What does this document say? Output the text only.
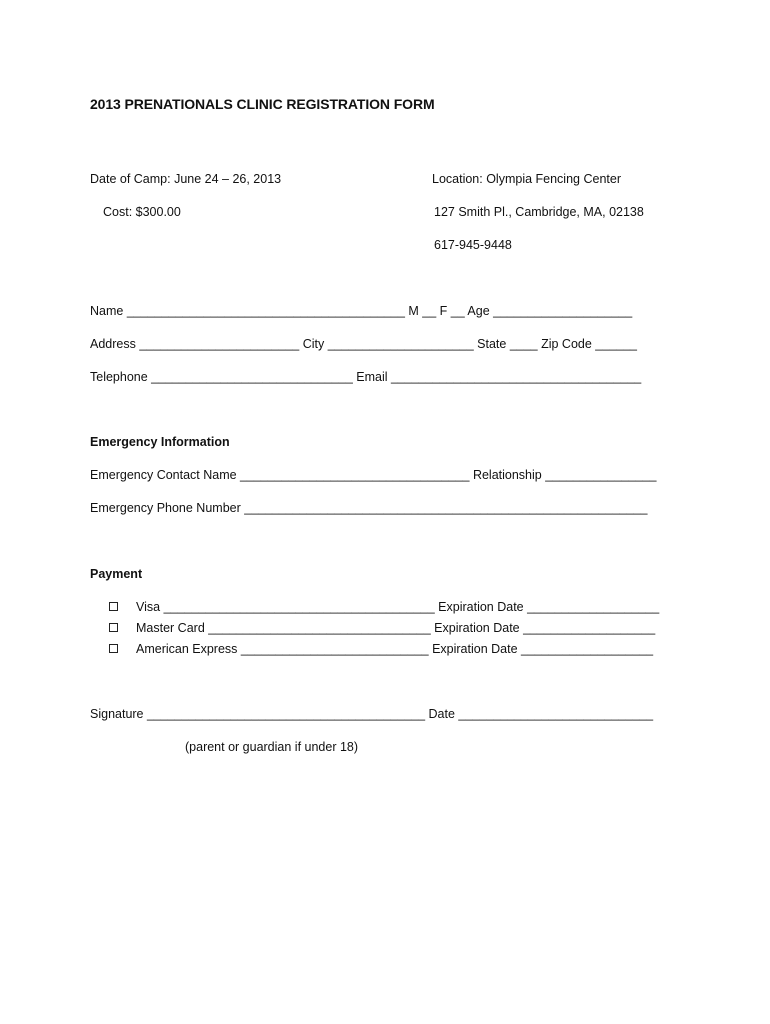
2013 PRENATIONALS CLINIC REGISTRATION FORM
Date of Camp: June 24 – 26, 2013
Cost: $300.00
Location: Olympia Fencing Center
127 Smith Pl., Cambridge, MA, 02138
617-945-9448
Name ________________________________________ M __ F __ Age ____________________
Address _______________________ City _____________________ State ____ Zip Code ______
Telephone _____________________________ Email ____________________________________
Emergency Information
Emergency Contact Name _________________________________ Relationship ________________
Emergency Phone Number __________________________________________________________
Payment
Visa _______________________________________ Expiration Date ___________________
Master Card ________________________________ Expiration Date ___________________
American Express ___________________________ Expiration Date ___________________
Signature ________________________________________ Date ____________________________
(parent or guardian if under 18)
